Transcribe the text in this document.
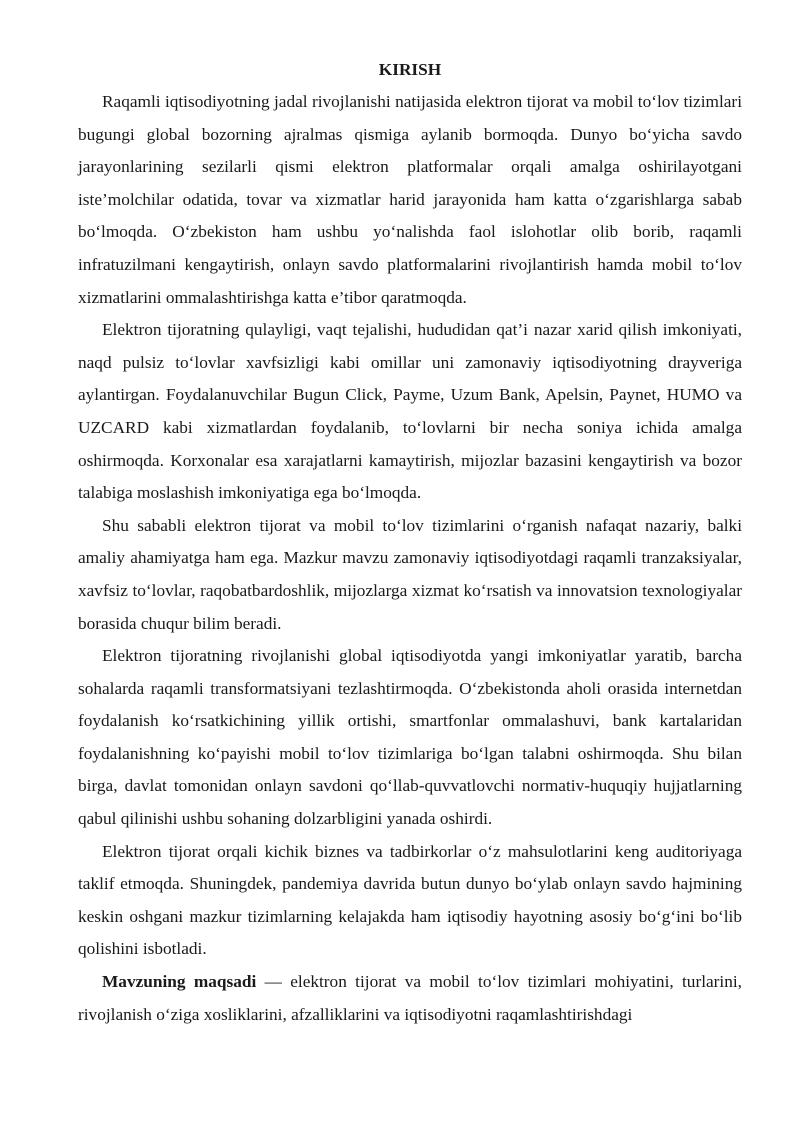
KIRISH

Raqamli iqtisodiyotning jadal rivojlanishi natijasida elektron tijorat va mobil to‘lov tizimlari bugungi global bozorning ajralmas qismiga aylanib bormoqda. Dunyo bo‘yicha savdo jarayonlarining sezilarli qismi elektron platformalar orqali amalga oshirilayotgani iste’molchilar odatida, tovar va xizmatlar harid jarayonida ham katta o‘zgarishlarga sabab bo‘lmoqda. O‘zbekiston ham ushbu yo‘nalishda faol islohotlar olib borib, raqamli infratuzilmani kengaytirish, onlayn savdo platformalarini rivojlantirish hamda mobil to‘lov xizmatlarini ommalashtirishga katta e’tibor qaratmoqda.

Elektron tijoratning qulayligi, vaqt tejalishi, hududidan qat’i nazar xarid qilish imkoniyati, naqd pulsiz to‘lovlar xavfsizligi kabi omillar uni zamonaviy iqtisodiyotning drayveriga aylantirgan. Foydalanuvchilar Bugun Click, Payme, Uzum Bank, Apelsin, Paynet, HUMO va UZCARD kabi xizmatlardan foydalanib, to‘lovlarni bir necha soniya ichida amalga oshirmoqda. Korxonalar esa xarajatlarni kamaytirish, mijozlar bazasini kengaytirish va bozor talabiga moslashish imkoniyatiga ega bo‘lmoqda.

Shu sababli elektron tijorat va mobil to‘lov tizimlarini o‘rganish nafaqat nazariy, balki amaliy ahamiyatga ham ega. Mazkur mavzu zamonaviy iqtisodiyotdagi raqamli tranzaksiyalar, xavfsiz to‘lovlar, raqobatbardoshlik, mijozlarga xizmat ko‘rsatish va innovatsion texnologiyalar borasida chuqur bilim beradi.

Elektron tijoratning rivojlanishi global iqtisodiyotda yangi imkoniyatlar yaratib, barcha sohalarda raqamli transformatsiyani tezlashtirmoqda. O‘zbekistonda aholi orasida internetdan foydalanish ko‘rsatkichining yillik ortishi, smartfonlar ommalashuvi, bank kartalaridan foydalanishning ko‘payishi mobil to‘lov tizimlariga bo‘lgan talabni oshirmoqda. Shu bilan birga, davlat tomonidan onlayn savdoni qo‘llab-quvvatlovchi normativ-huquqiy hujjatlarning qabul qilinishi ushbu sohaning dolzarbligini yanada oshirdi.

Elektron tijorat orqali kichik biznes va tadbirkorlar o‘z mahsulotlarini keng auditoriyaga taklif etmoqda. Shuningdek, pandemiya davrida butun dunyo bo‘ylab onlayn savdo hajmining keskin oshgani mazkur tizimlarning kelajakda ham iqtisodiy hayotning asosiy bo‘g‘ini bo‘lib qolishini isbotladi.

Mavzuning maqsadi — elektron tijorat va mobil to‘lov tizimlari mohiyatini, turlarini, rivojlanish o‘ziga xosliklarini, afzalliklarini va iqtisodiyotni raqamlashtirishdagi
